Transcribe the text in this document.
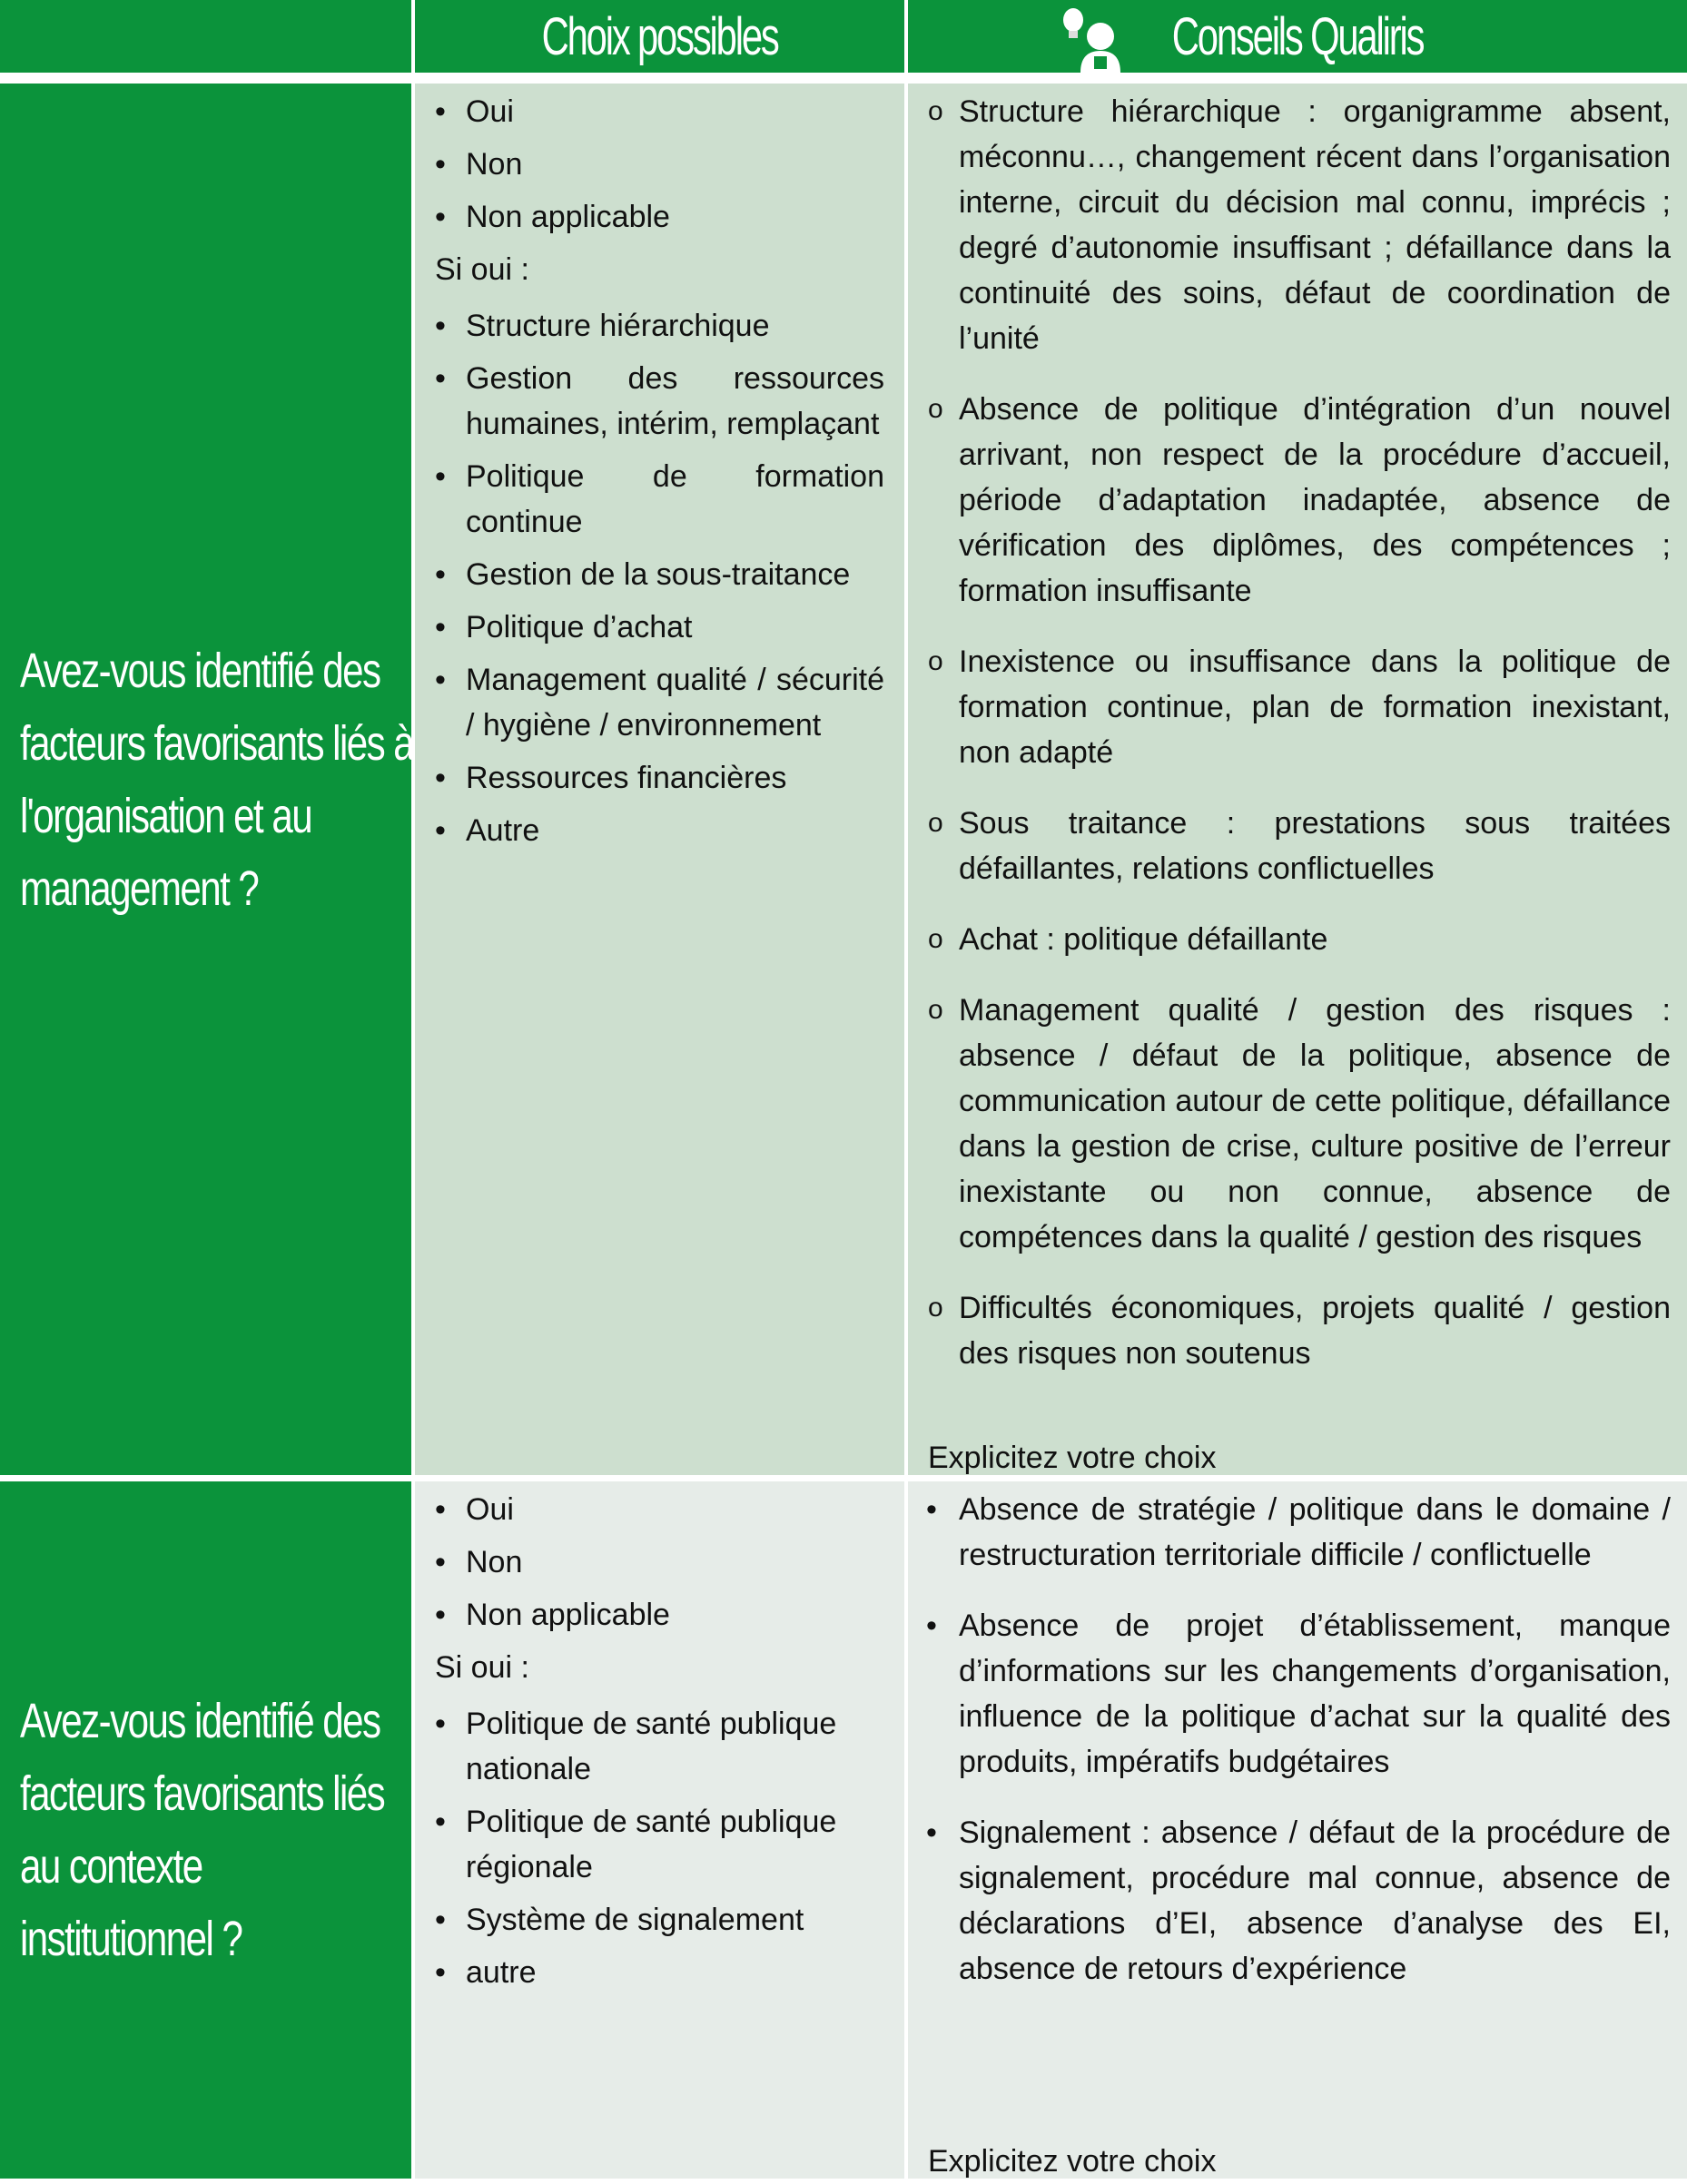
Choix possibles	Conseils Qualiris
Avez-vous identifié des
facteurs favorisants liés à
l'organisation et au
management ?
• Oui
• Non
• Non applicable
Si oui :
• Structure hiérarchique
• Gestion des ressources humaines, intérim, remplaçant
• Politique de formation continue
• Gestion de la sous-traitance
• Politique d’achat
• Management qualité / sécurité / hygiène / environnement
• Ressources financières
• Autre
o Structure hiérarchique : organigramme absent, méconnu…, changement récent dans l’organisation interne, circuit du décision mal connu, imprécis ; degré d’autonomie insuffisant ; défaillance dans la continuité des soins, défaut de coordination de l’unité
o Absence de politique d’intégration d’un nouvel arrivant, non respect de la procédure d’accueil, période d’adaptation inadaptée, absence de vérification des diplômes, des compétences ; formation insuffisante
o Inexistence ou insuffisance dans la politique de formation continue, plan de formation inexistant, non adapté
o Sous traitance : prestations sous traitées défaillantes, relations conflictuelles
o Achat : politique défaillante
o Management qualité / gestion des risques : absence / défaut de la politique, absence de communication autour de cette politique, défaillance dans la gestion de crise, culture positive de l’erreur inexistante ou non connue, absence de compétences dans la qualité / gestion des risques
o Difficultés économiques, projets qualité / gestion des risques non soutenus
Explicitez votre choix
Avez-vous identifié des
facteurs favorisants liés
au contexte
institutionnel ?
• Oui
• Non
• Non applicable
Si oui :
• Politique de santé publique nationale
• Politique de santé publique régionale
• Système de signalement
• autre
• Absence de stratégie / politique dans le domaine / restructuration territoriale difficile / conflictuelle
• Absence de projet d’établissement, manque d’informations sur les changements d’organisation, influence de la politique d’achat sur la qualité des produits, impératifs budgétaires
• Signalement : absence / défaut de la procédure de signalement, procédure mal connue, absence de déclarations d’EI, absence d’analyse des EI, absence de retours d’expérience
Explicitez votre choix
